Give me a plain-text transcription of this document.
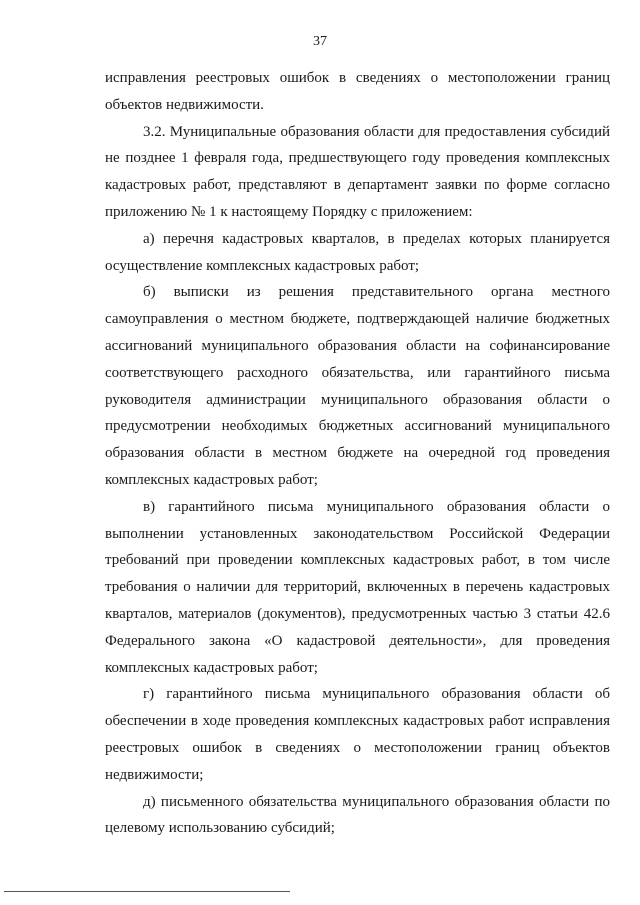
37

исправления реестровых ошибок в сведениях о местоположении границ объектов недвижимости.

3.2. Муниципальные образования области для предоставления субсидий не позднее 1 февраля года, предшествующего году проведения комплексных кадастровых работ, представляют в департамент заявки по форме согласно приложению № 1 к настоящему Порядку с приложением:

а) перечня кадастровых кварталов, в пределах которых планируется осуществление комплексных кадастровых работ;

б) выписки из решения представительного органа местного самоуправления о местном бюджете, подтверждающей наличие бюджетных ассигнований муниципального образования области на софинансирование соответствующего расходного обязательства, или гарантийного письма руководителя администрации муниципального образования области о предусмотрении необходимых бюджетных ассигнований муниципального образования области в местном бюджете на очередной год проведения комплексных кадастровых работ;

в) гарантийного письма муниципального образования области о выполнении установленных законодательством Российской Федерации требований при проведении комплексных кадастровых работ, в том числе требования о наличии для территорий, включенных в перечень кадастровых кварталов, материалов (документов), предусмотренных частью 3 статьи 42.6 Федерального закона «О кадастровой деятельности», для проведения комплексных кадастровых работ;

г) гарантийного письма муниципального образования области об обеспечении в ходе проведения комплексных кадастровых работ исправления реестровых ошибок в сведениях о местоположении границ объектов недвижимости;

д) письменного обязательства муниципального образования области по целевому использованию субсидий;
